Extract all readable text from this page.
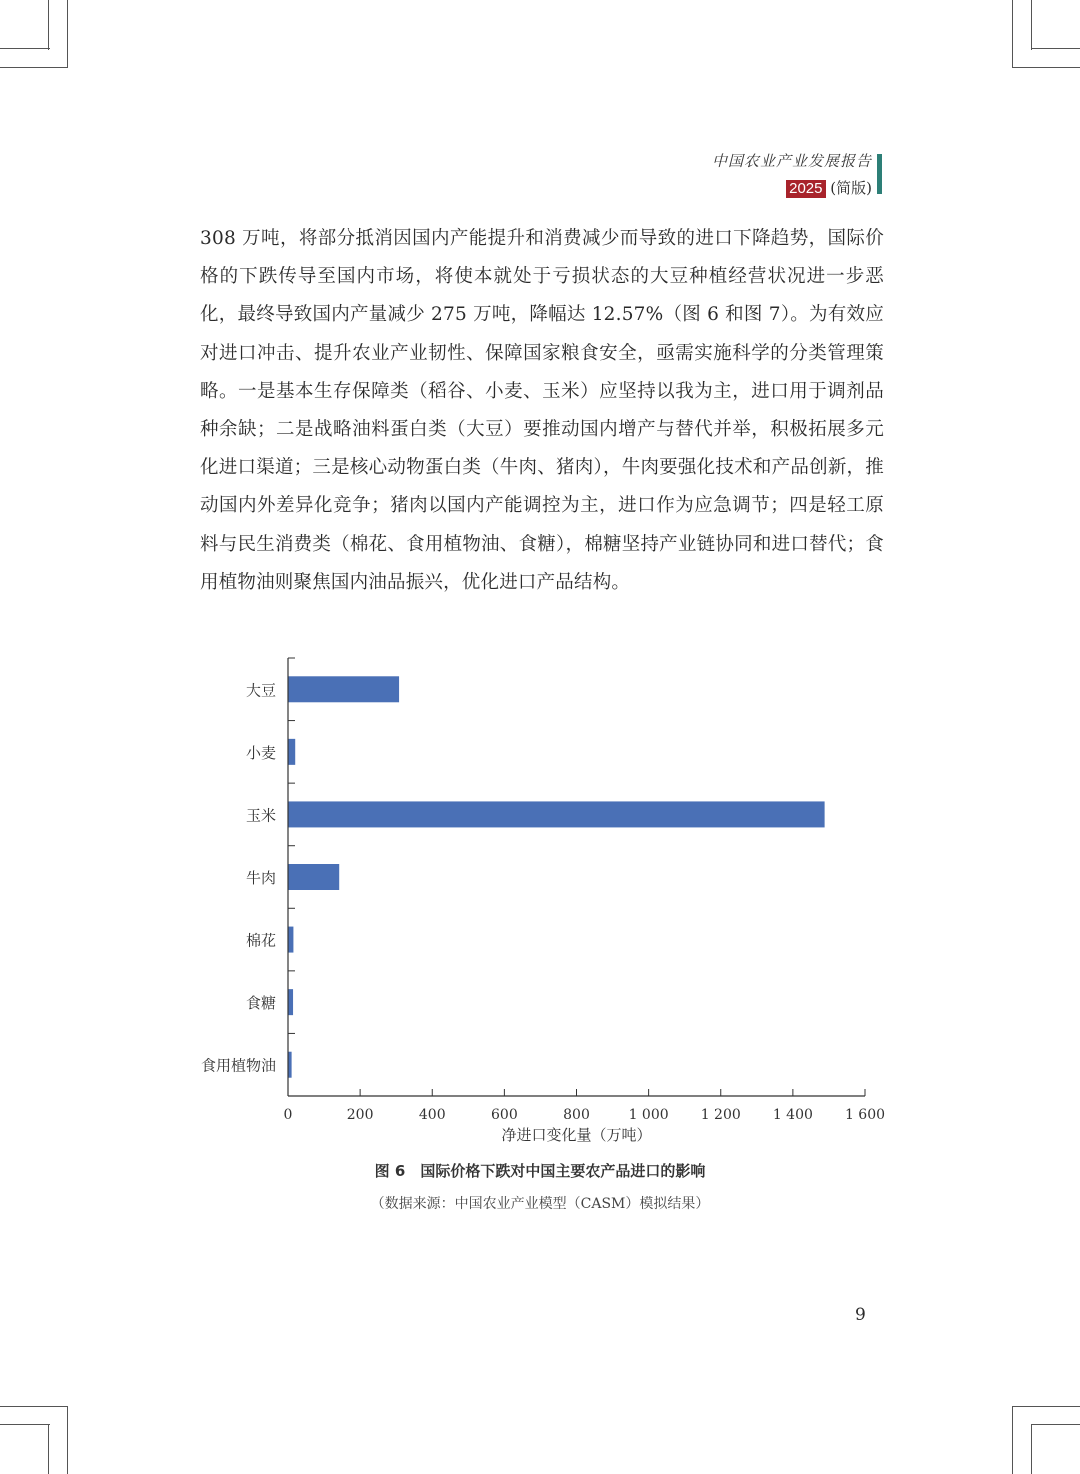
中国农业产业发展报告
2025 (简版)

308 万吨，将部分抵消因国内产能提升和消费减少而导致的进口下降趋势，国际价格的下跌传导至国内市场，将使本就处于亏损状态的大豆种植经营状况进一步恶化，最终导致国内产量减少 275 万吨，降幅达 12.57%（图 6 和图 7）。为有效应对进口冲击、提升农业产业韧性、保障国家粮食安全，亟需实施科学的分类管理策略。一是基本生存保障类（稻谷、小麦、玉米）应坚持以我为主，进口用于调剂品种余缺；二是战略油料蛋白类（大豆）要推动国内增产与替代并举，积极拓展多元化进口渠道；三是核心动物蛋白类（牛肉、猪肉），牛肉要强化技术和产品创新，推动国内外差异化竞争；猪肉以国内产能调控为主，进口作为应急调节；四是轻工原料与民生消费类（棉花、食用植物油、食糖），棉糖坚持产业链协同和进口替代；食用植物油则聚焦国内油品振兴，优化进口产品结构。

大豆
小麦
玉米
牛肉
棉花
食糖
食用植物油
0	200	400	600	800	1 000 1 200 1 400 1 600
净进口变化量（万吨）
图 6　国际价格下跌对中国主要农产品进口的影响
（数据来源：中国农业产业模型（CASM）模拟结果）
9
